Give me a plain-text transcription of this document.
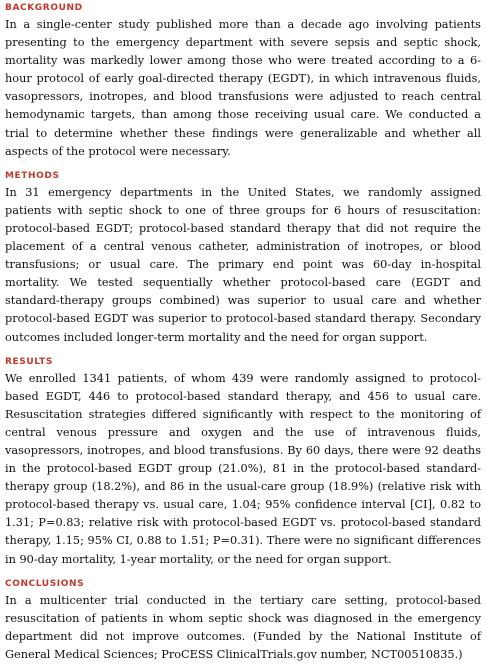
BACKGROUND

In a single-center study published more than a decade ago involving patients presenting to the emergency department with severe sepsis and septic shock, mortality was markedly lower among those who were treated according to a 6-hour protocol of early goal-directed therapy (EGDT), in which intravenous fluids, vasopressors, inotropes, and blood transfusions were adjusted to reach central hemodynamic targets, than among those receiving usual care. We conducted a trial to determine whether these findings were generalizable and whether all aspects of the protocol were necessary.

METHODS

In 31 emergency departments in the United States, we randomly assigned patients with septic shock to one of three groups for 6 hours of resuscitation: protocol-based EGDT; protocol-based standard therapy that did not require the placement of a central venous catheter, administration of inotropes, or blood transfusions; or usual care. The primary end point was 60-day in-hospital mortality. We tested sequentially whether protocol-based care (EGDT and standard-therapy groups combined) was superior to usual care and whether protocol-based EGDT was superior to protocol-based standard therapy. Secondary outcomes included longer-term mortality and the need for organ support.

RESULTS

We enrolled 1341 patients, of whom 439 were randomly assigned to protocol-based EGDT, 446 to protocol-based standard therapy, and 456 to usual care. Resuscitation strategies differed significantly with respect to the monitoring of central venous pressure and oxygen and the use of intravenous fluids, vasopressors, inotropes, and blood transfusions. By 60 days, there were 92 deaths in the protocol-based EGDT group (21.0%), 81 in the protocol-based standard-therapy group (18.2%), and 86 in the usual-care group (18.9%) (relative risk with protocol-based therapy vs. usual care, 1.04; 95% confidence interval [CI], 0.82 to 1.31; P=0.83; relative risk with protocol-based EGDT vs. protocol-based standard therapy, 1.15; 95% CI, 0.88 to 1.51; P=0.31). There were no significant differences in 90-day mortality, 1-year mortality, or the need for organ support.

CONCLUSIONS

In a multicenter trial conducted in the tertiary care setting, protocol-based resuscitation of patients in whom septic shock was diagnosed in the emergency department did not improve outcomes. (Funded by the National Institute of General Medical Sciences; ProCESS ClinicalTrials.gov number, NCT00510835.)
